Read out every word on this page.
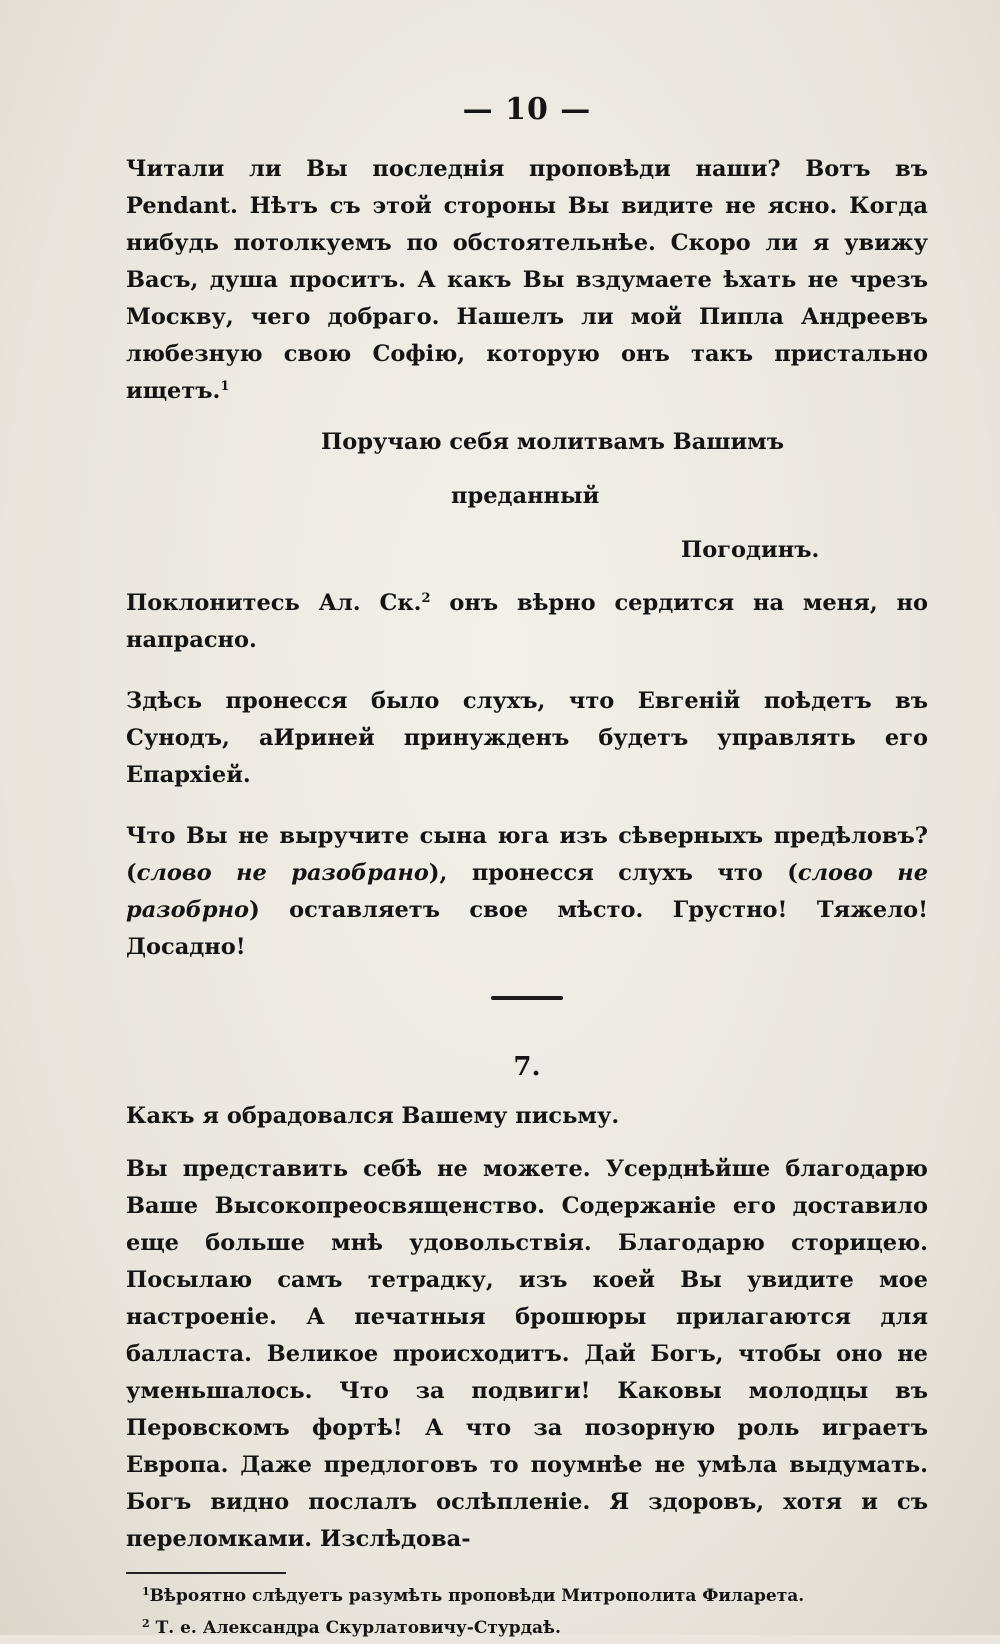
— 10 —

Читали ли Вы последнія проповѣди наши? Вотъ въ Pendant. Нѣтъ съ этой стороны Вы видите не ясно. Когда нибудь потолкуемъ по обстоятельнѣе. Скоро ли я увижу Васъ, душа проситъ. А какъ Вы вздумаете ѣхать не чрезъ Москву, чего добраго. Нашелъ ли мой Пипла Андреевъ любезную свою Софію, которую онъ такъ пристально ищетъ.$^1$

Поручаю себя молитвамъ Вашимъ

преданный

Погодинъ.

Поклонитесь Ал. Ск.$^2$ онъ вѣрно сердится на меня, но напрасно.

Здѣсь пронесся было слухъ, что Евгеній поѣдетъ въ Сунодъ, аИриней принужденъ будетъ управлять его Епархіей.

Что Вы не выручите сына юга изъ сѣверныхъ предѣловъ? (слово не разобрано), пронесся слухъ что (слово не разобрно) оставляетъ свое мѣсто. Грустно! Тяжело! Досадно!

7.

Какъ я обрадовался Вашему письму.

Вы представить себѣ не можете. Усерднѣйше благодарю Ваше Высокопреосвященство. Содержаніе его доставило еще больше мнѣ удовольствія. Благодарю сторицею. Посылаю самъ тетрадку, изъ коей Вы увидите мое настроеніе. А печатныя брошюры прилагаются для балласта. Великое происходитъ. Дай Богъ, чтобы оно не уменьшалось. Что за подвиги! Каковы молодцы въ Перовскомъ фортѣ! А что за позорную роль играетъ Европа. Даже предлоговъ то поумнѣе не умѣла выдумать. Богъ видно послалъ ослѣпленіе. Я здоровъ, хотя и съ переломками. Изслѣдова-

$^1$Вѣроятно слѣдуетъ разумѣть проповѣди Митрополита Филарета.

$^2$ Т. е. Александра Скурлатовичу-Стурдаѣ.
